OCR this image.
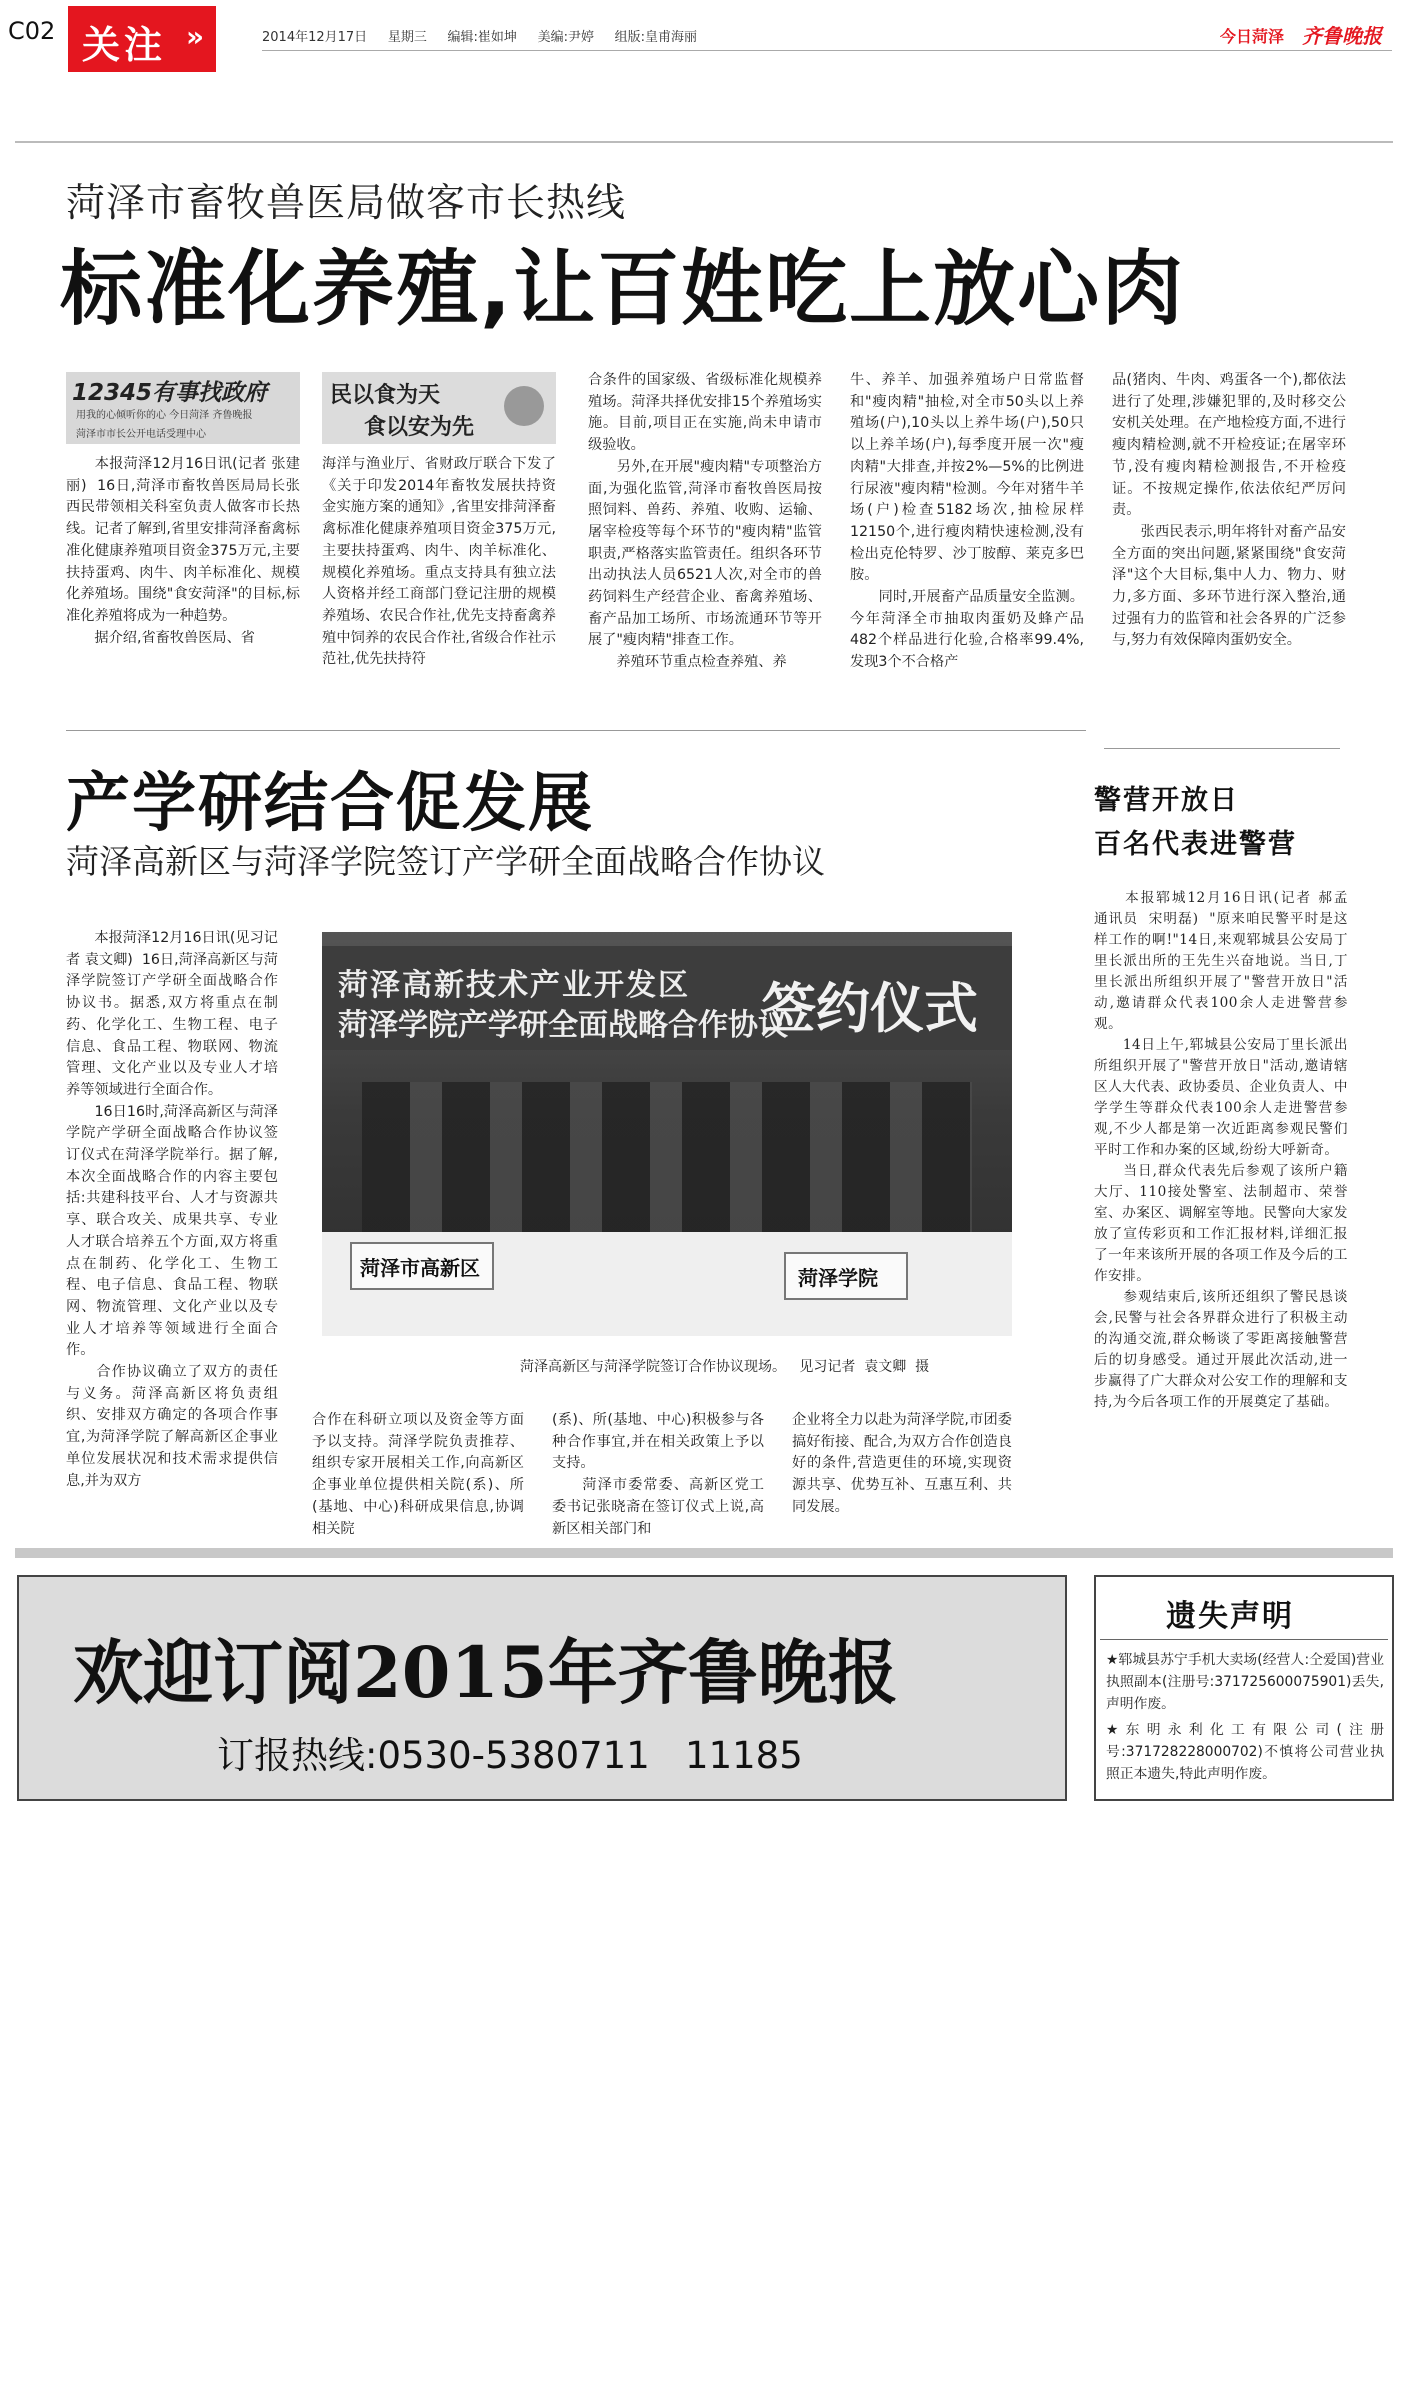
C02 关注 »	2014年12月17日 星期三 编辑:崔如坤 美编:尹婷 组版:皇甫海丽	今日菏泽 齐鲁晚报
菏泽市畜牧兽医局做客市长热线
标准化养殖,让百姓吃上放心肉
12345有事找政府
用我的心倾听你的心 今日菏泽 齐鲁晚报
菏泽市市长公开电话受理中心
民以食为天
食以安为先

　　本报菏泽12月16日讯(记者 张建丽)  16日,菏泽市畜牧兽医局局长张西民带领相关科室负责人做客市长热线。记者了解到,省里安排菏泽畜禽标准化健康养殖项目资金375万元,主要扶持蛋鸡、肉牛、肉羊标准化、规模化养殖场。围绕"食安菏泽"的目标,标准化养殖将成为一种趋势。
　　据介绍,省畜牧兽医局、省

海洋与渔业厅、省财政厅联合下发了《关于印发2014年畜牧发展扶持资金实施方案的通知》,省里安排菏泽畜禽标准化健康养殖项目资金375万元,主要扶持蛋鸡、肉牛、肉羊标准化、规模化养殖场。重点支持具有独立法人资格并经工商部门登记注册的规模养殖场、农民合作社,优先支持畜禽养殖中饲养的农民合作社,省级合作社示范社,优先扶持符

合条件的国家级、省级标准化规模养殖场。菏泽共择优安排15个养殖场实施。目前,项目正在实施,尚未申请市级验收。
　　另外,在开展"瘦肉精"专项整治方面,为强化监管,菏泽市畜牧兽医局按照饲料、兽药、养殖、收购、运输、屠宰检疫等每个环节的"瘦肉精"监管职责,严格落实监管责任。组织各环节出动执法人员6521人次,对全市的兽药饲料生产经营企业、畜禽养殖场、畜产品加工场所、市场流通环节等开展了"瘦肉精"排查工作。
　　养殖环节重点检查养殖、养

牛、养羊、加强养殖场户日常监督和"瘦肉精"抽检,对全市50头以上养殖场(户),10头以上养牛场(户),50只以上养羊场(户),每季度开展一次"瘦肉精"大排查,并按2%—5%的比例进行尿液"瘦肉精"检测。今年对猪牛羊场(户)检查5182场次,抽检尿样12150个,进行瘦肉精快速检测,没有检出克伦特罗、沙丁胺醇、莱克多巴胺。
　　同时,开展畜产品质量安全监测。今年菏泽全市抽取肉蛋奶及蜂产品482个样品进行化验,合格率99.4%,发现3个不合格产

品(猪肉、牛肉、鸡蛋各一个),都依法进行了处理,涉嫌犯罪的,及时移交公安机关处理。在产地检疫方面,不进行瘦肉精检测,就不开检疫证;在屠宰环节,没有瘦肉精检测报告,不开检疫证。不按规定操作,依法依纪严厉问责。
　　张西民表示,明年将针对畜产品安全方面的突出问题,紧紧围绕"食安菏泽"这个大目标,集中人力、物力、财力,多方面、多环节进行深入整治,通过强有力的监管和社会各界的广泛参与,努力有效保障肉蛋奶安全。

产学研结合促发展
菏泽高新区与菏泽学院签订产学研全面战略合作协议

　　本报菏泽12月16日讯(见习记者 袁文卿)  16日,菏泽高新区与菏泽学院签订产学研全面战略合作协议书。据悉,双方将重点在制药、化学化工、生物工程、电子信息、食品工程、物联网、物流管理、文化产业以及专业人才培养等领域进行全面合作。
　　16日16时,菏泽高新区与菏泽学院产学研全面战略合作协议签订仪式在菏泽学院举行。据了解,本次全面战略合作的内容主要包括:共建科技平台、人才与资源共享、联合攻关、成果共享、专业人才联合培养五个方面,双方将重点在制药、化学化工、生物工程、电子信息、食品工程、物联网、物流管理、文化产业以及专业人才培养等领域进行全面合作。
　　合作协议确立了双方的责任与义务。菏泽高新区将负责组织、安排双方确定的各项合作事宜,为菏泽学院了解高新区企事业单位发展状况和技术需求提供信息,并为双方

菏泽高新技术产业开发区
菏泽学院产学研全面战略合作协议
签约仪式
菏泽市高新区	菏泽学院
菏泽高新区与菏泽学院签订合作协议现场。   见习记者  袁文卿  摄

合作在科研立项以及资金等方面予以支持。菏泽学院负责推荐、组织专家开展相关工作,向高新区企事业单位提供相关院(系)、所(基地、中心)科研成果信息,协调相关院

(系)、所(基地、中心)积极参与各种合作事宜,并在相关政策上予以支持。
　　菏泽市委常委、高新区党工委书记张晓斋在签订仪式上说,高新区相关部门和

企业将全力以赴为菏泽学院,市团委搞好衔接、配合,为双方合作创造良好的条件,营造更佳的环境,实现资源共享、优势互补、互惠互利、共同发展。

警营开放日
百名代表进警营

　　本报郓城12月16日讯(记者 郝孟  通讯员  宋明磊)  "原来咱民警平时是这样工作的啊!"14日,来观郓城县公安局丁里长派出所的王先生兴奋地说。当日,丁里长派出所组织开展了"警营开放日"活动,邀请群众代表100余人走进警营参观。
　　14日上午,郓城县公安局丁里长派出所组织开展了"警营开放日"活动,邀请辖区人大代表、政协委员、企业负责人、中学学生等群众代表100余人走进警营参观,不少人都是第一次近距离参观民警们平时工作和办案的区域,纷纷大呼新奇。
　　当日,群众代表先后参观了该所户籍大厅、110接处警室、法制超市、荣誉室、办案区、调解室等地。民警向大家发放了宣传彩页和工作汇报材料,详细汇报了一年来该所开展的各项工作及今后的工作安排。
　　参观结束后,该所还组织了警民恳谈会,民警与社会各界群众进行了积极主动的沟通交流,群众畅谈了零距离接触警营后的切身感受。通过开展此次活动,进一步赢得了广大群众对公安工作的理解和支持,为今后各项工作的开展奠定了基础。

欢迎订阅2015年齐鲁晚报
订报热线:0530-5380711   11185
遗失声明

★郓城县苏宁手机大卖场(经营人:仝爱国)营业执照副本(注册号:371725600075901)丢失,声明作废。

★东明永利化工有限公司(注册号:371728228000702)不慎将公司营业执照正本遗失,特此声明作废。
